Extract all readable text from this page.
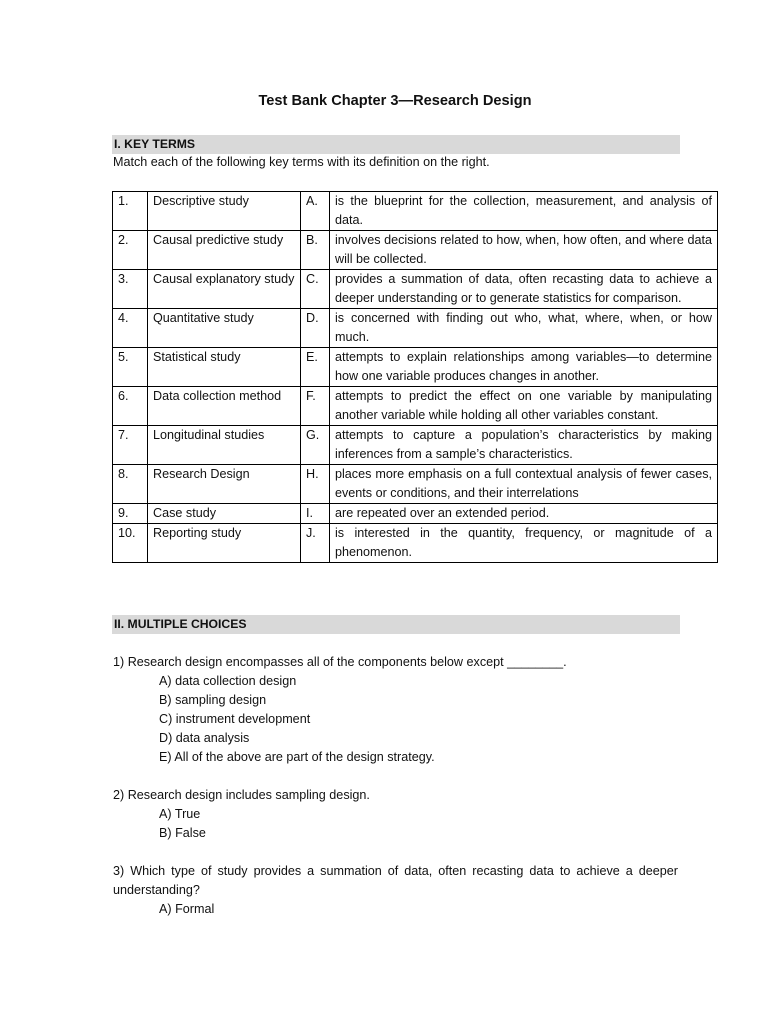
Test Bank Chapter 3—Research Design
I. KEY TERMS
Match each of the following key terms with its definition on the right.
1.	Descriptive study	A.	is the blueprint for the collection, measurement, and analysis of data.
2.	Causal predictive study	B.	involves decisions related to how, when, how often, and where data will be collected.
3.	Causal explanatory study	C.	provides a summation of data, often recasting data to achieve a deeper understanding or to generate statistics for comparison.
4.	Quantitative study	D.	is concerned with finding out who, what, where, when, or how much.
5.	Statistical study	E.	attempts to explain relationships among variables—to determine how one variable produces changes in another.
6.	Data collection method	F.	attempts to predict the effect on one variable by manipulating another variable while holding all other variables constant.
7.	Longitudinal studies	G.	attempts to capture a population’s characteristics by making inferences from a sample’s characteristics.
8.	Research Design	H.	places more emphasis on a full contextual analysis of fewer cases, events or conditions, and their interrelations
9.	Case study	I.	are repeated over an extended period.
10.	Reporting study	J.	is interested in the quantity, frequency, or magnitude of a phenomenon.
II. MULTIPLE CHOICES
1) Research design encompasses all of the components below except ________.
A) data collection design
B) sampling design
C) instrument development
D) data analysis
E) All of the above are part of the design strategy.
2) Research design includes sampling design.
A) True
B) False
3) Which type of study provides a summation of data, often recasting data to achieve a deeper understanding?
A) Formal
